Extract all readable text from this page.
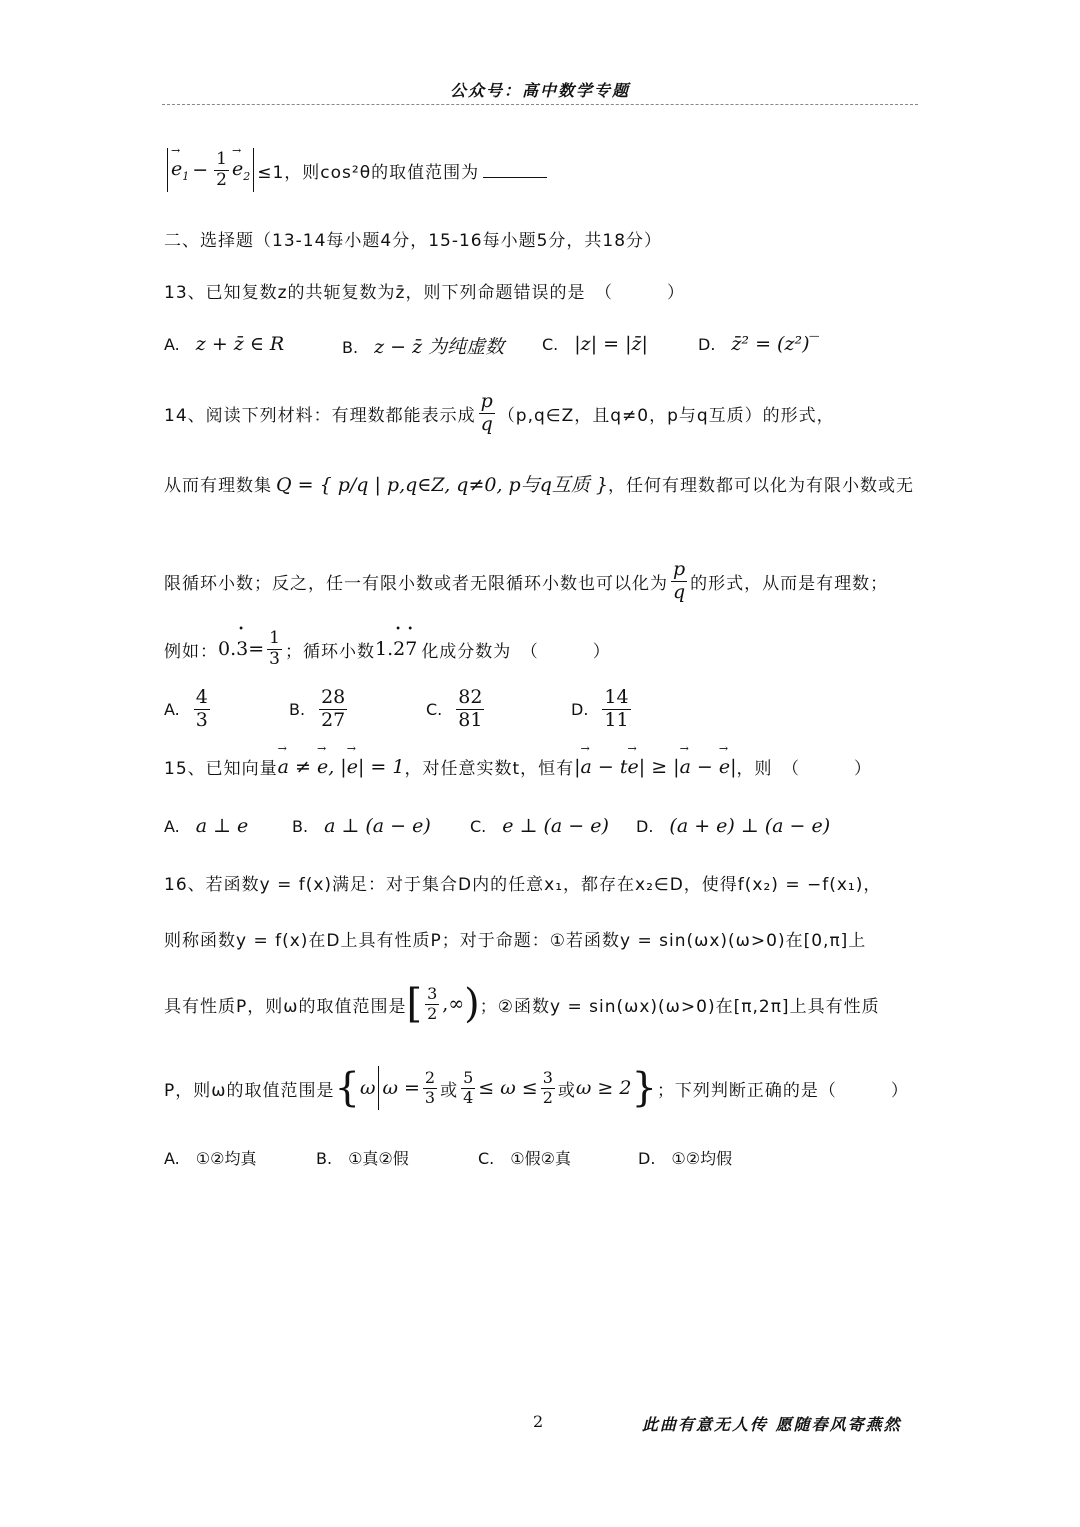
公众号：高中数学专题
→ $e_1 - \frac{1}{2} \to e_2 \le 1$，则cos²θ的取值范围为
二、选择题（13-14每小题4分，15-16每小题5分，共18分）
13、已知复数z的共轭复数为z̄，则下列命题错误的是　（　　　）
A.　 z + z̄ ∈ R	B.　 z − z̄ 为纯虚数 C.　 |z| = |z̄|	D.　 z̄² = (z²)‾
14、阅读下列材料：有理数都能表示成 $\frac{p}{q}$ （p,q∈Z，且q≠0，p与q互质）的形式，
从而有理数集 Q = { p/q | p,q∈Z, q≠0, p与q互质 } ，任何有理数都可以化为有限小数或无
限循环小数；反之，任一有限小数或者无限循环小数也可以化为 $\frac{p}{q}$ 的形式，从而是有理数；
例如： 0.• $3= \frac{1}{3}$ ；循环小数 1.• 2• 7 化成分数为　（　　　）
A. $\frac{4}{3}$	B. $\frac{28}{27}$	C. $\frac{82}{81}$	D. $\frac{14}{11}$
15、已知向量 → a ≠ → e, |→ e| = 1 ，对任意实数t，恒有 |→ a − t→ e| ≥ |→ a − → e| ，则　（　　　）
A.　 a ⊥ e	B.　 a ⊥ (a − e) C.　 e ⊥ (a − e) D.　 (a + e) ⊥ (a − e)
16、若函数y = f(x)满足：对于集合D内的任意x₁，都存在x₂∈D，使得f(x₂) = −f(x₁)，
则称函数y = f(x)在D上具有性质P；对于命题：①若函数y = sin(ωx)(ω>0)在[0,π]上
具有性质P，则ω的取值范围是 [ $\frac{3}{2}$ ,∞ ) ；②函数y = sin(ωx)(ω>0)在[π,2π]上具有性质
P，则ω的取值范围是 { ω $\omega = \frac{2}{3}$ 或 $\frac{5}{4} \le \omega \le \frac{3}{2}$ 或 ω ≥ 2 } ；下列判断正确的是（　　　）
A.　 ①②均真	B.　 ①真②假	C.　 ①假②真	D.　 ①②均假
2	此曲有意无人传 愿随春风寄燕然
